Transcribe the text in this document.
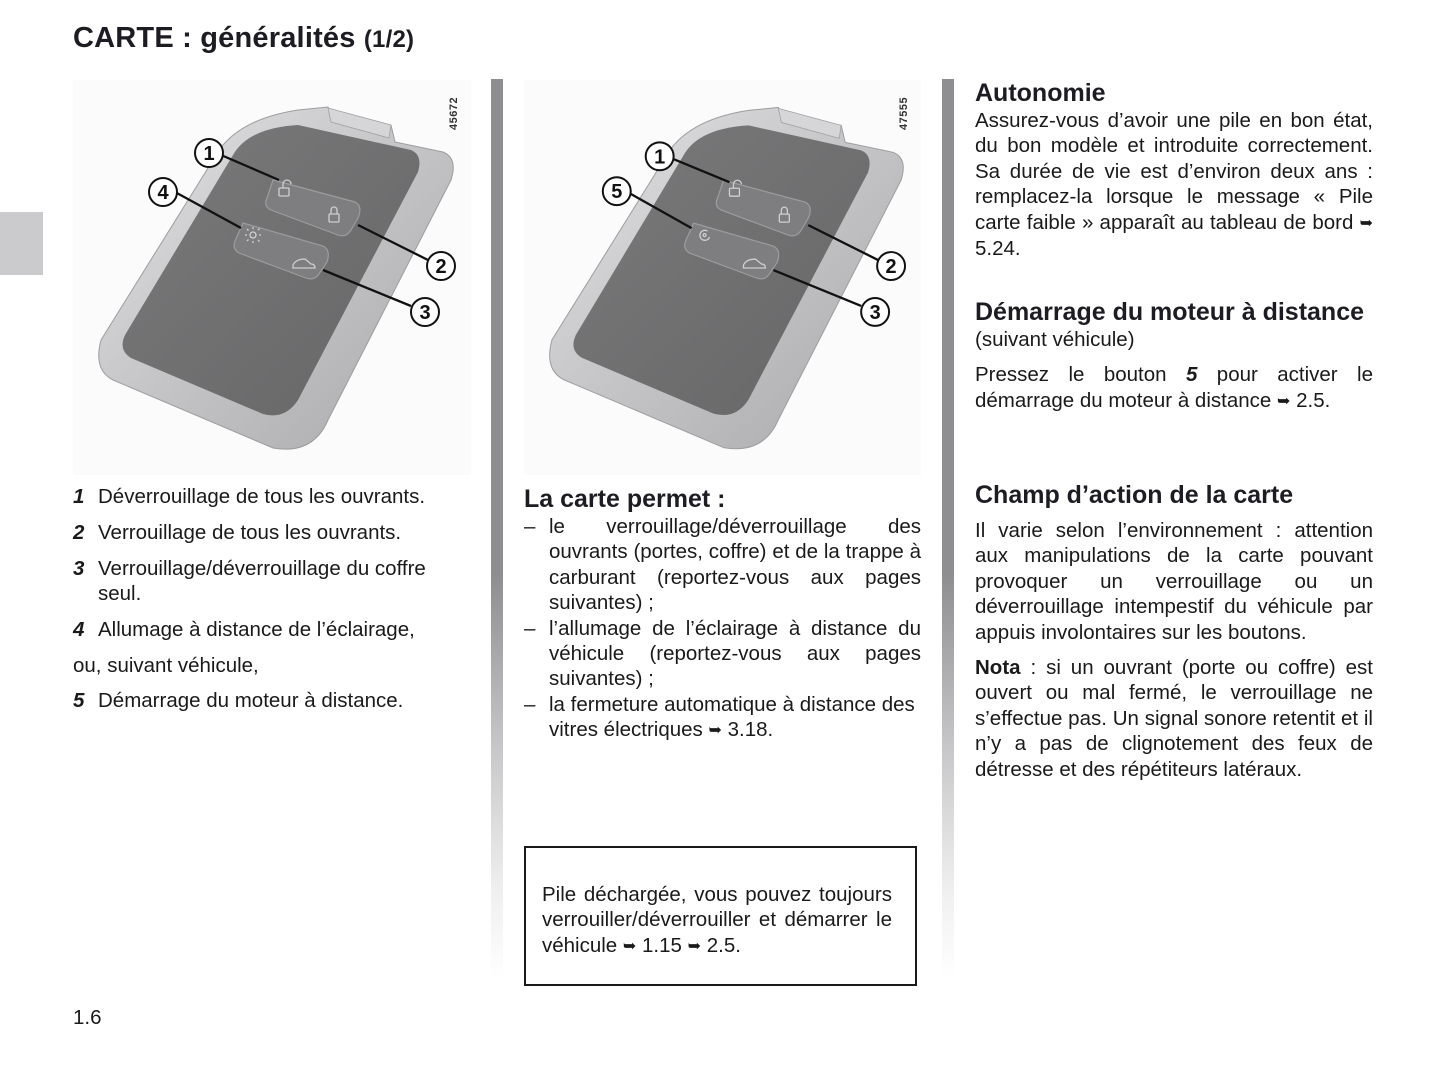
CARTE : généralités (1/2)
1
4
2
3
45672
1
5
2
3
47555
1 Déverrouillage de tous les ouvrants.
2 Verrouillage de tous les ouvrants.
3 Verrouillage/déverrouillage du coffre
seul.
4 Allumage à distance de l’éclairage,
ou, suivant véhicule,
5 Démarrage du moteur à distance.
La carte permet :
– le verrouillage/déverrouillage des ouvrants (portes, coffre) et de la trappe à carburant (reportez-vous aux pages suivantes) ;
– l’allumage de l’éclairage à distance du véhicule (reportez-vous aux pages suivantes) ;
– la fermeture automatique à distance des vitres électriques ➥ 3.18.

Pile déchargée, vous pouvez toujours verrouiller/déverrouiller et démarrer le véhicule ➥ 1.15 ➥ 2.5.

Autonomie

Assurez-vous d’avoir une pile en bon état, du bon modèle et introduite correctement. Sa durée de vie est d’environ deux ans : remplacez-la lorsque le message « Pile carte faible » apparaît au tableau de bord ➥ 5.24.

Démarrage du moteur à distance

(suivant véhicule)

Pressez le bouton 5 pour activer le démarrage du moteur à distance ➥ 2.5.

Champ d’action de la carte

Il varie selon l’environnement : attention aux manipulations de la carte pouvant provoquer un verrouillage ou un déverrouillage intempestif du véhicule par appuis involontaires sur les boutons.

Nota : si un ouvrant (porte ou coffre) est ouvert ou mal fermé, le verrouillage ne s’effectue pas. Un signal sonore retentit et il n’y a pas de clignotement des feux de détresse et des répétiteurs latéraux.

1.6
